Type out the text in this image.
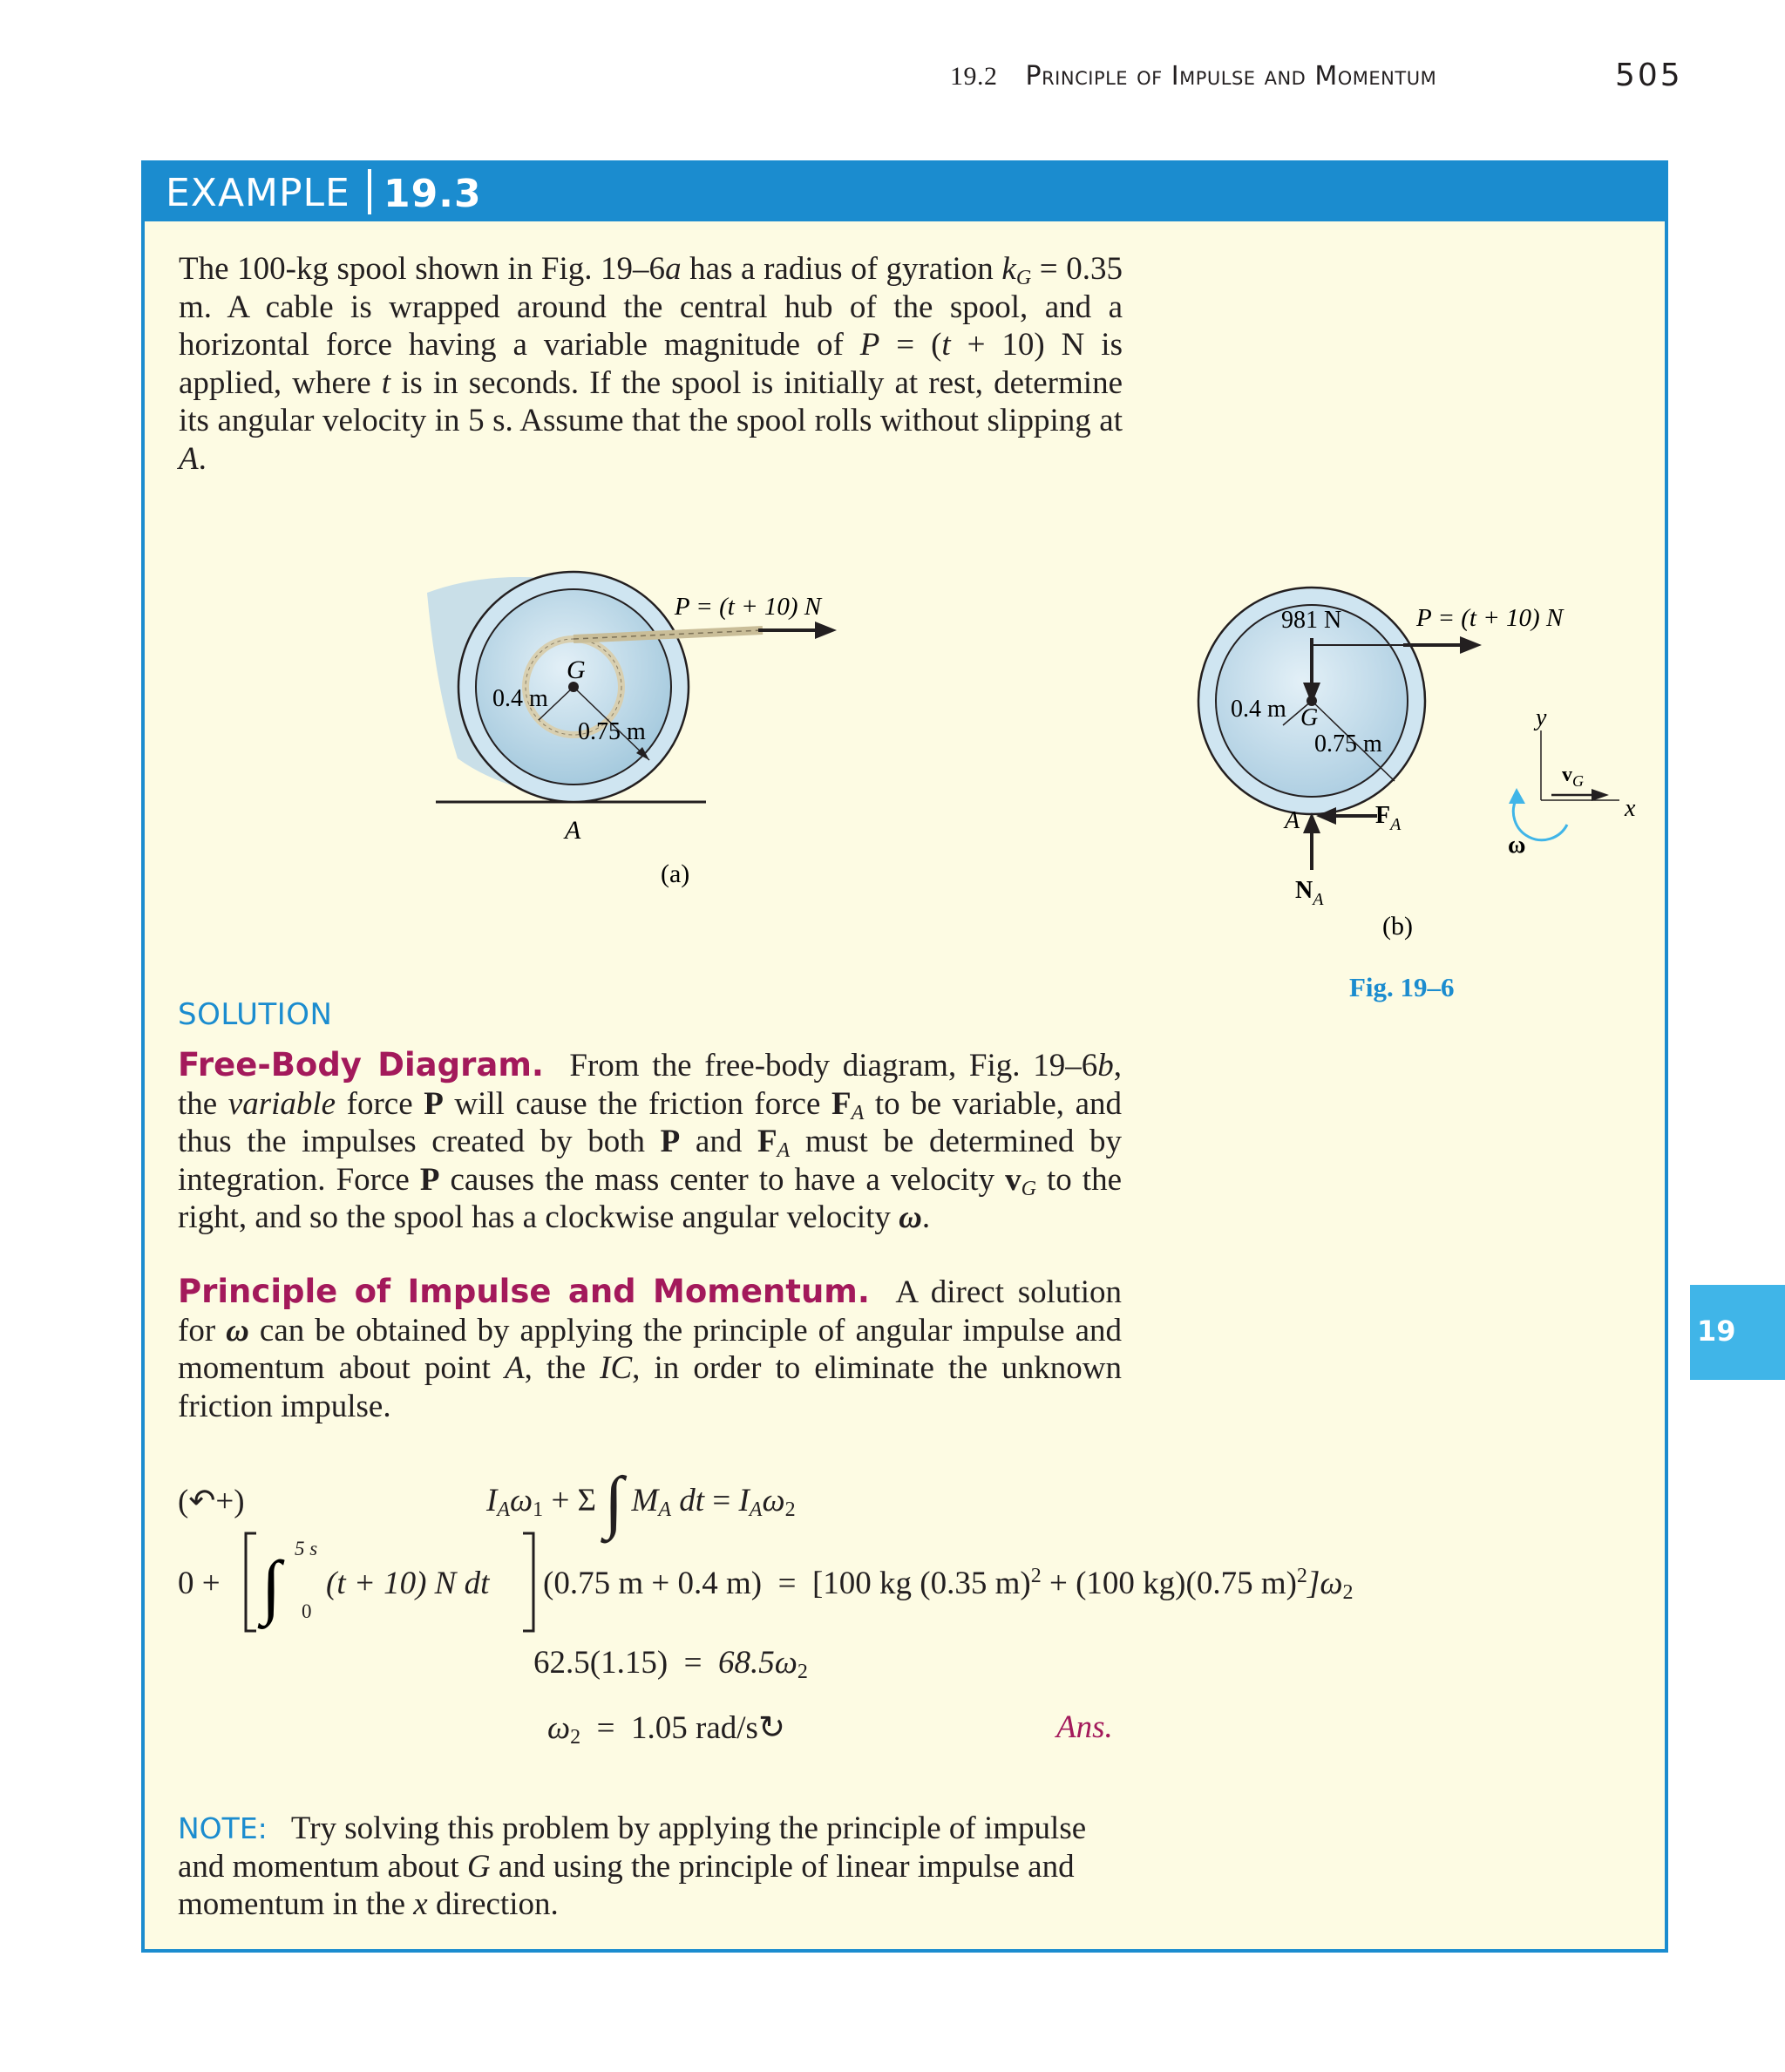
19.2 Principle of Impulse and Momentum	505
EXAMPLE 19.3
The 100-kg spool shown in Fig. 19–6a has a radius of gyration $k_G = 0.35$ m. A cable is wrapped around the central hub of the spool, and a horizontal force having a variable magnitude of P = (t + 10) N is applied, where t is in seconds. If the spool is initially at rest, determine its angular velocity in 5 s. Assume that the spool rolls without slipping at A.
P = (t + 10) N
0.4 m
0.75 m
G
A
(a)
981 N	P = (t + 10) N
0.4 m
0.75 m
G
$F_A$
A
$N_A$
y
x
$v_G$
ω
(b)
Fig. 19–6
SOLUTION
Free-Body Diagram. From the free-body diagram, Fig. 19–6b, the variable force P will cause the friction force $F_A$ to be variable, and thus the impulses created by both P and $F_A$ must be determined by integration. Force P causes the mass center to have a velocity $v_G$ to the right, and so the spool has a clockwise angular velocity ω.
Principle of Impulse and Momentum. A direct solution for ω can be obtained by applying the principle of angular impulse and momentum about point A, the IC, in order to eliminate the unknown friction impulse.
(↶+)	$I_A\omega_1 + \Sigma$ ∫ $M_A$ dt = $I_A\omega_2$
0 + ∫ 5 s
0
(t + 10) N dt (0.75 m + 0.4 m) = [100 kg (0.35 m)$^2$ + (100 kg)(0.75 $m)^2]\omega_2$
$62.5(1.15) = 68.5\omega_2$
$\omega_2 = 1.05$ rad/s↻	Ans.
NOTE: Try solving this problem by applying the principle of impulse and momentum about G and using the principle of linear impulse and momentum in the x direction.
19
